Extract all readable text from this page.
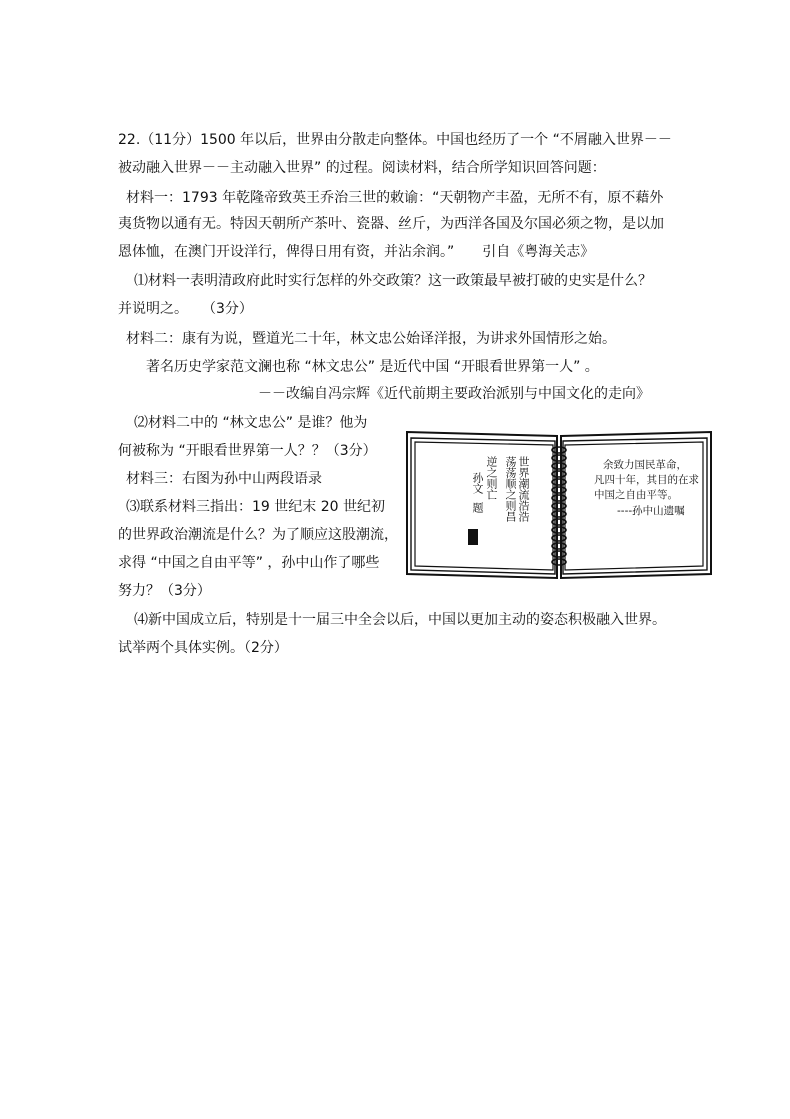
22.（11分）1500 年以后，世界由分散走向整体。中国也经历了一个 “不屑融入世界－－
被动融入世界－－主动融入世界” 的过程。阅读材料，结合所学知识回答问题：
材料一：1793 年乾隆帝致英王乔治三世的敕谕：“天朝物产丰盈，无所不有，原不藉外
夷货物以通有无。特因天朝所产茶叶、瓷器、丝斤，为西洋各国及尔国必须之物，是以加
恩体恤，在澳门开设洋行，俾得日用有资，并沾余润。”　　引自《粤海关志》
⑴材料一表明清政府此时实行怎样的外交政策？这一政策最早被打破的史实是什么？
并说明之。　　（3分）
材料二：康有为说，暨道光二十年，林文忠公始译洋报，为讲求外国情形之始。
著名历史学家范文澜也称 “林文忠公” 是近代中国 “开眼看世界第一人” 。
－－改编自冯宗辉《近代前期主要政治派别与中国文化的走向》
⑵材料二中的 “林文忠公” 是谁？他为
何被称为 “开眼看世界第一人？？（3分）
材料三：右图为孙中山两段语录
⑶联系材料三指出：19 世纪末 20 世纪初
的世界政治潮流是什么？为了顺应这股潮流，
求得 “中国之自由平等” ，孙中山作了哪些
努力？（3分）
⑷新中国成立后，特别是十一届三中全会以后，中国以更加主动的姿态积极融入世界。
试举两个具体实例。（2分）
世界潮流浩浩
荡荡顺之则昌
逆之则亡
孙文
题
余致力国民革命，
凡四十年，其目的在求
中国之自由平等。
----孙中山遗嘱
